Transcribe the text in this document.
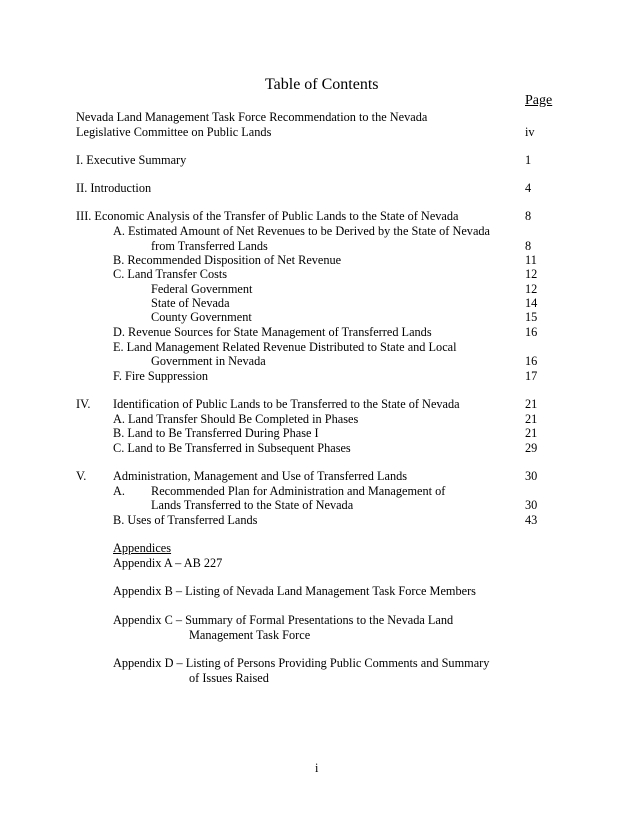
Table of Contents
Page
Nevada Land Management Task Force Recommendation to the Nevada
Legislative Committee on Public Lands	iv
I. Executive Summary	1
II. Introduction	4
III. Economic Analysis of the Transfer of Public Lands to the State of Nevada	8
A. Estimated Amount of Net Revenues to be Derived by the State of Nevada
from Transferred Lands	8
B. Recommended Disposition of Net Revenue	11
C. Land Transfer Costs	12
Federal Government	12
State of Nevada	14
County Government	15
D. Revenue Sources for State Management of Transferred Lands	16
E. Land Management Related Revenue Distributed to State and Local
Government in Nevada	16
F. Fire Suppression	17
IV. Identification of Public Lands to be Transferred to the State of Nevada	21
A. Land Transfer Should Be Completed in Phases	21
B. Land to Be Transferred During Phase I	21
C. Land to Be Transferred in Subsequent Phases	29
V. Administration, Management and Use of Transferred Lands	30
A. Recommended Plan for Administration and Management of
Lands Transferred to the State of Nevada	30
B. Uses of Transferred Lands	43
Appendices
Appendix A – AB 227
Appendix B – Listing of Nevada Land Management Task Force Members
Appendix C – Summary of Formal Presentations to the Nevada Land
Management Task Force
Appendix D – Listing of Persons Providing Public Comments and Summary
of Issues Raised
i
